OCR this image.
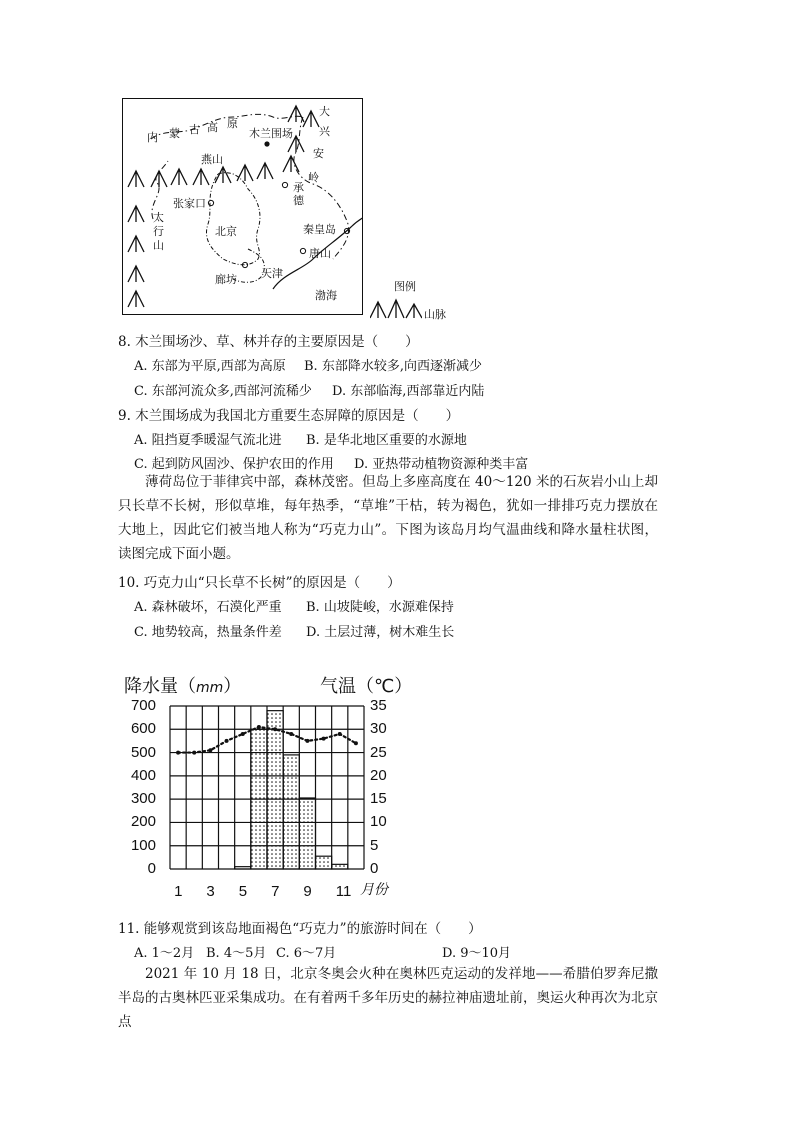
内 蒙 古 高 原
木兰围场
大
兴
安
岭
燕山
承
德
张家口
太
行
山
北京	秦皇岛
唐山
廊坊 天津
渤海
图例
山脉
8. 木兰围场沙、草、林并存的主要原因是（　　）
A. 东部为平原,西部为高原 B. 东部降水较多,向西逐渐减少
C. 东部河流众多,西部河流稀少 D. 东部临海,西部靠近内陆
9. 木兰围场成为我国北方重要生态屏障的原因是（　　）
A. 阻挡夏季暖湿气流北进 B. 是华北地区重要的水源地
C. 起到防风固沙、保护农田的作用 D. 亚热带动植物资源种类丰富
薄荷岛位于菲律宾中部，森林茂密。但岛上多座高度在 40～120 米的石灰岩小山上却只长草不长树，形似草堆，每年热季，“草堆”干枯，转为褐色，犹如一排排巧克力摆放在大地上，因此它们被当地人称为“巧克力山”。下图为该岛月均气温曲线和降水量柱状图，读图完成下面小题。
10. 巧克力山“只长草不长树”的原因是（　　）
A. 森林破坏，石漠化严重 B. 山坡陡峻，水源难保持
C. 地势较高，热量条件差 D. 土层过薄，树木难生长
降水量（mm）	气温（℃）
700
600
500
400
300
200
100
0
35
30
25
20
15
10
5
0
1 3 5 7 9 11 月份
11. 能够观赏到该岛地面褐色“巧克力”的旅游时间在（　　）
A. 1～2月 B. 4～5月 C. 6～7月	D. 9～10月
2021 年 10 月 18 日，北京冬奥会火种在奥林匹克运动的发祥地——希腊伯罗奔尼撒半岛的古奥林匹亚采集成功。在有着两千多年历史的赫拉神庙遗址前，奥运火种再次为北京点
